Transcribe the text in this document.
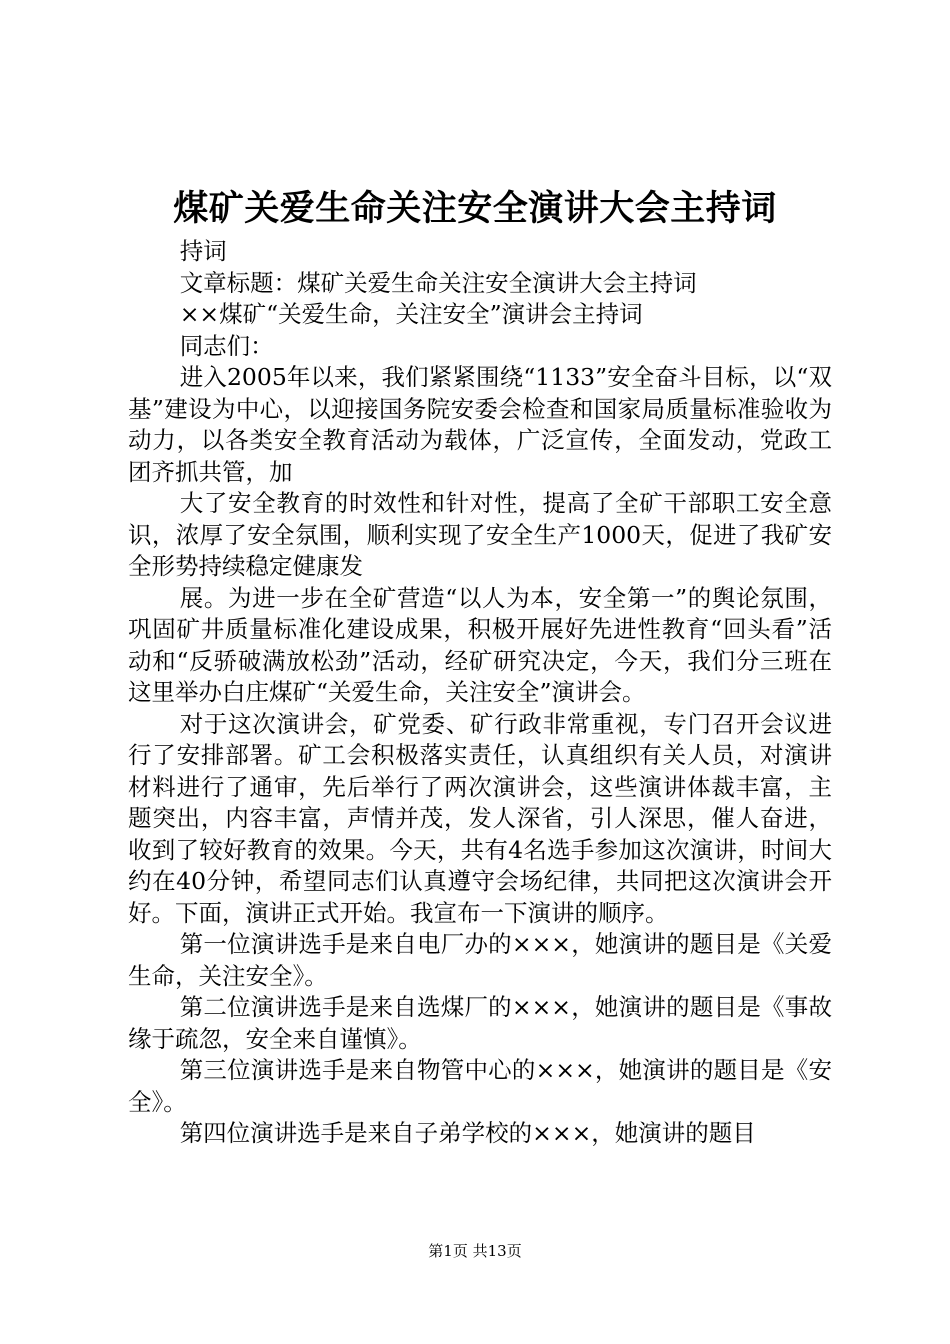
煤矿关爱生命关注安全演讲大会主持词

持词

文章标题：煤矿关爱生命关注安全演讲大会主持词

××煤矿“关爱生命，关注安全”演讲会主持词

同志们：

进入2005年以来，我们紧紧围绕“1133”安全奋斗目标，以“双基”建设为中心，以迎接国务院安委会检查和国家局质量标准验收为动力，以各类安全教育活动为载体，广泛宣传，全面发动，党政工团齐抓共管，加

大了安全教育的时效性和针对性，提高了全矿干部职工安全意识，浓厚了安全氛围，顺利实现了安全生产1000天，促进了我矿安全形势持续稳定健康发

展。为进一步在全矿营造“以人为本，安全第一”的舆论氛围，巩固矿井质量标准化建设成果，积极开展好先进性教育“回头看”活动和“反骄破满放松劲”活动，经矿研究决定，今天，我们分三班在这里举办白庄煤矿“关爱生命，关注安全”演讲会。

对于这次演讲会，矿党委、矿行政非常重视，专门召开会议进行了安排部署。矿工会积极落实责任，认真组织有关人员，对演讲材料进行了通审，先后举行了两次演讲会，这些演讲体裁丰富，主题突出，内容丰富，声情并茂，发人深省，引人深思，催人奋进，收到了较好教育的效果。今天，共有4名选手参加这次演讲，时间大约在40分钟，希望同志们认真遵守会场纪律，共同把这次演讲会开好。下面，演讲正式开始。我宣布一下演讲的顺序。

第一位演讲选手是来自电厂办的×××，她演讲的题目是《关爱生命，关注安全》。

第二位演讲选手是来自选煤厂的×××，她演讲的题目是《事故缘于疏忽，安全来自谨慎》。

第三位演讲选手是来自物管中心的×××，她演讲的题目是《安全》。

第四位演讲选手是来自子弟学校的×××，她演讲的题目

第1页 共13页
